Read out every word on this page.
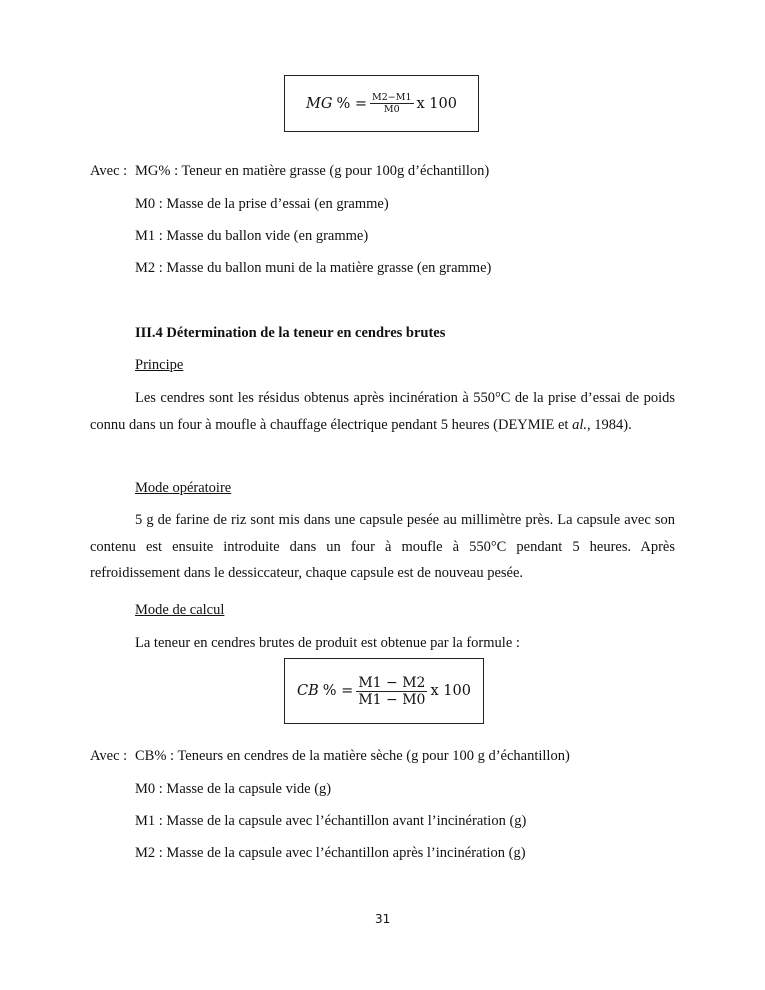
MG % = $\frac{M2-M1}{M0}$ x 100
Avec : MG% : Teneur en matière grasse (g pour 100g d’échantillon)
M0 : Masse de la prise d’essai (en gramme)
M1 : Masse du ballon vide (en gramme)
M2 : Masse du ballon muni de la matière grasse (en gramme)
III.4 Détermination de la teneur en cendres brutes
Principe

Les cendres sont les résidus obtenus après incinération à 550°C de la prise d’essai de poids connu dans un four à moufle à chauffage électrique pendant 5 heures (DEYMIE et al., 1984).

Mode opératoire

5 g de farine de riz sont mis dans une capsule pesée au millimètre près. La capsule avec son contenu est ensuite introduite dans un four à moufle à 550°C pendant 5 heures. Après refroidissement dans le dessiccateur, chaque capsule est de nouveau pesée.

Mode de calcul
La teneur en cendres brutes de produit est obtenue par la formule :
CB % = $\frac{M1 - M2}{M1 - M0}$ x 100
Avec : CB% : Teneurs en cendres de la matière sèche (g pour 100 g d’échantillon)
M0 : Masse de la capsule vide (g)
M1 : Masse de la capsule avec l’échantillon avant l’incinération (g)
M2 : Masse de la capsule avec l’échantillon après l’incinération (g)
31
